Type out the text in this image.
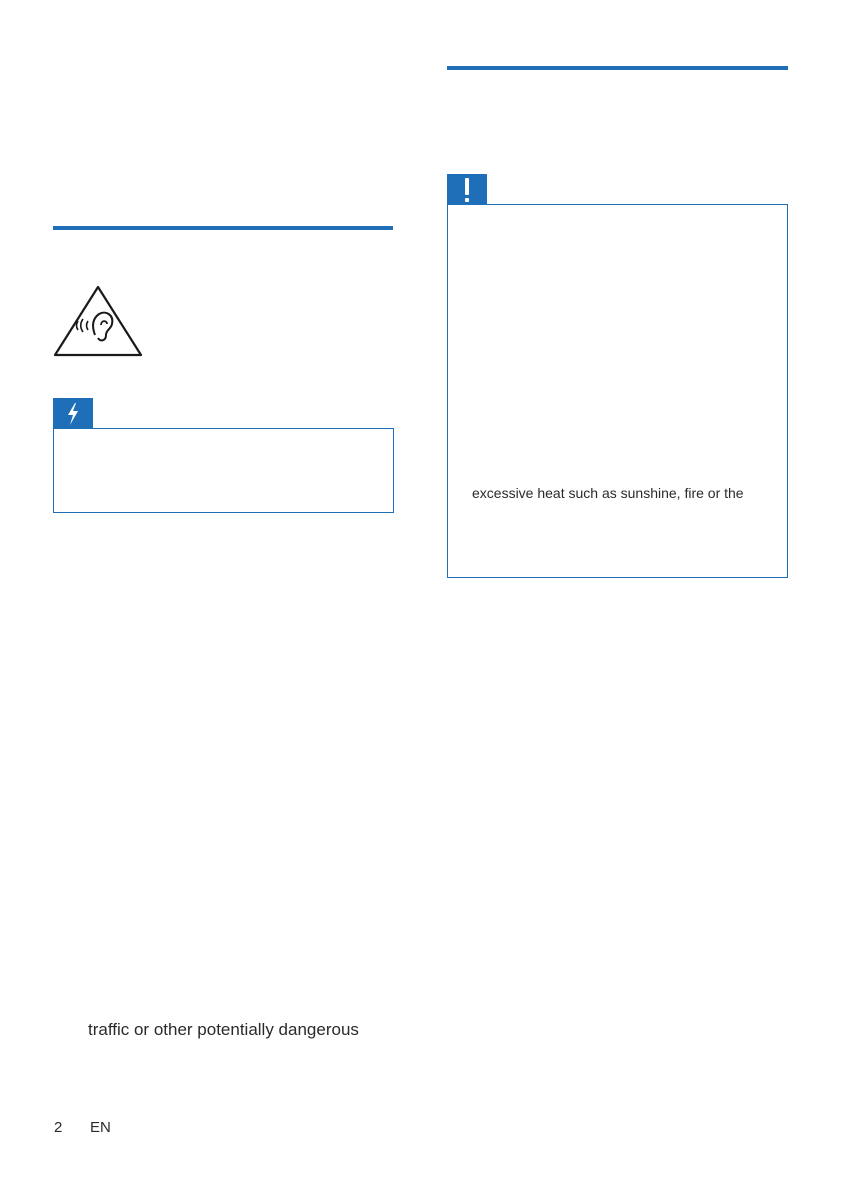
traffic or other potentially dangerous
2 EN
excessive heat such as sunshine, fire or the
